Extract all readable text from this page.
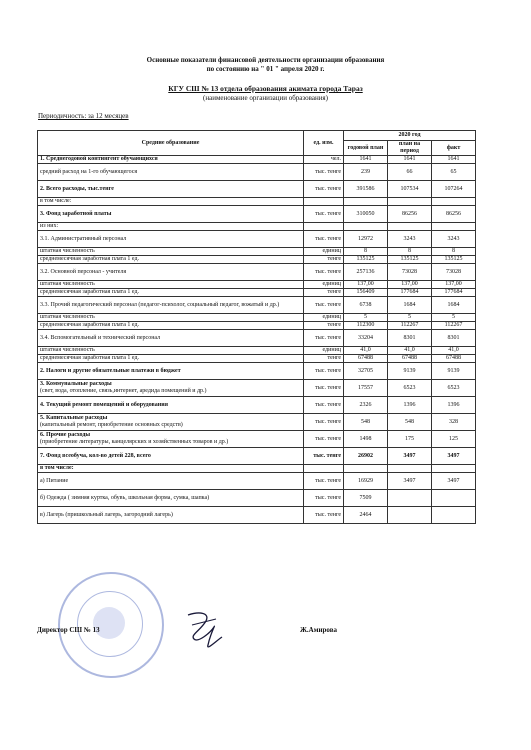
Основные показатели финансовой деятельности организации образования
по состоянию на " 01 " апреля 2020 г.
КГУ СШ № 13 отдела образования акимата города Тараз
(наименование организации образования)
Периодичность: за 12 месяцев
Средние образование	ед. изм.	2020 год		
		годовой план	план на период	факт

1. Среднегодовой контингент обучающихся	чел.	1641	1641	1641

средний расход на 1-го обучающегося	тыс. тенге	239	66	65

2. Всего расходы, тыс.тенге	тыс. тенге	391586	107534	107264

в том числе:				

3. Фонд заработной платы	тыс. тенге	310050	86256	86256

из них:				

3.1. Административный персонал	тыс. тенге	12972	3243	3243

штатная численность	единиц	8	8	8

среднемесячная заработная плата 1 ед.	тенге	135125	135125	135125

3.2. Основной персонал - учителя	тыс. тенге	257136	73028	73028

штатная численность	единиц	137,00	137,00	137,00

среднемесячная заработная плата 1 ед.	тенге	156409	177684	177684

3.3. Прочий педагогический персонал (педагог-психолог, социальный педагог, вожатый и др.)	тыс. тенге	6738	1684	1684

штатная численность	единиц	5	5	5

среднемесячная заработная плата 1 ед.	тенге	112300	112267	112267

3.4. Вспомогательный и технический персонал	тыс. тенге	33204	8301	8301

штатная численность	единиц	41,0	41,0	41,0

среднемесячная заработная плата 1 ед.	тенге	67488	67488	67488

2. Налоги и другие обязательные платежи в бюджет	тыс. тенге	32705	9139	9139

3. Коммунальные расходы
(свет, вода, отопление, связь,интернет, аредида помещений и др.)	тыс. тенге	17557	6523	6523

4. Текущий ремонт помещений и оборудования	тыс. тенге	2326	1396	1396

5. Капитальные расходы
(капитальный ремонт, приобретение основных средств)	тыс. тенге	548	548	328

6. Прочие расходы
(приобретение литературы, канцелярских и хозяйственных товаров и др.)	тыс. тенге	1498	175	125

7. Фонд всеобуча, кол-во детей 228, всего	тыс. тенге	26902	3497	3497

в том числе:				

а) Питание	тыс. тенге	16929	3497	3497

б) Одежда ( зимняя куртка, обувь, школьная форма, сумка, шапка)	тыс. тенге	7509		

в) Лагерь (пришкольный лагерь, загородний лагерь)	тыс. тенге	2464		
Директор СШ № 13	Ж.Амирова
